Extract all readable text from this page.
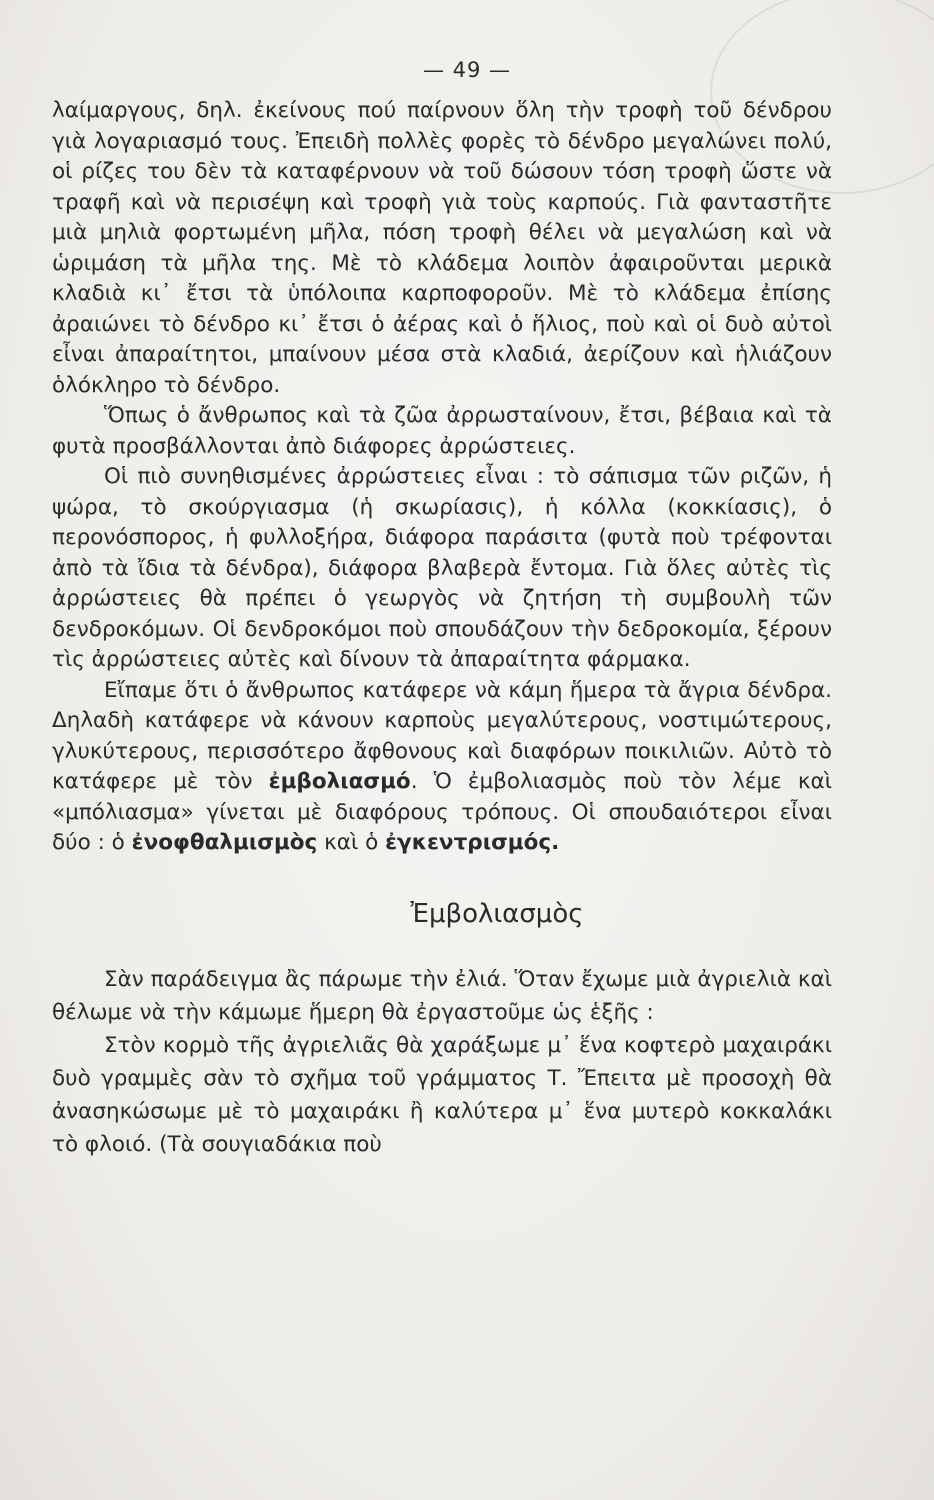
— 49 —

λαίμαργους, δηλ. ἐκείνους πού παίρνουν ὅλη τὴν τροφὴ τοῦ δένδρου γιὰ λογαριασμό τους. Ἐπειδὴ πολλὲς φορὲς τὸ δένδρο μεγαλώνει πολύ, οἱ ρίζες του δὲν τὰ καταφέρνουν νὰ τοῦ δώσουν τόση τροφὴ ὥστε νὰ τραφῆ καὶ νὰ περισέψη καὶ τροφὴ γιὰ τοὺς καρπούς. Γιὰ φανταστῆτε μιὰ μηλιὰ φορτωμένη μῆλα, πόση τροφὴ θέλει νὰ μεγαλώση καὶ νὰ ὡριμάση τὰ μῆλα της. Μὲ τὸ κλάδεμα λοιπὸν ἀφαιροῦνται μερικὰ κλαδιὰ κι᾿ ἔτσι τὰ ὑπόλοιπα καρποφοροῦν. Μὲ τὸ κλάδεμα ἐπίσης ἀραιώνει τὸ δένδρο κι᾿ ἔτσι ὁ ἀέρας καὶ ὁ ἥλιος, ποὺ καὶ οἱ δυὸ αὐτοὶ εἶναι ἀπαραίτητοι, μπαίνουν μέσα στὰ κλαδιά, ἀερίζουν καὶ ἡλιάζουν ὁλόκληρο τὸ δένδρο.

Ὅπως ὁ ἄνθρωπος καὶ τὰ ζῶα ἀρρωσταίνουν, ἔτσι, βέβαια καὶ τὰ φυτὰ προσβάλλονται ἀπὸ διάφορες ἀρρώστειες.

Οἱ πιὸ συνηθισμένες ἀρρώστειες εἶναι : τὸ σάπισμα τῶν ριζῶν, ἡ ψώρα, τὸ σκούργιασμα (ἡ σκωρίασις), ἡ κόλλα (κοκκίασις), ὁ περονόσπορος, ἡ φυλλοξήρα, διάφορα παράσιτα (φυτὰ ποὺ τρέφονται ἀπὸ τὰ ἴδια τὰ δένδρα), διάφορα βλαβερὰ ἔντομα. Γιὰ ὅλες αὐτὲς τὶς ἀρρώστειες θὰ πρέπει ὁ γεωργὸς νὰ ζητήση τὴ συμβουλὴ τῶν δενδροκόμων. Οἱ δενδροκόμοι ποὺ σπουδάζουν τὴν δεδροκομία, ξέρουν τὶς ἀρρώστειες αὐτὲς καὶ δίνουν τὰ ἀπαραίτητα φάρμακα.

Εἴπαμε ὅτι ὁ ἄνθρωπος κατάφερε νὰ κάμη ἥμερα τὰ ἄγρια δένδρα. Δηλαδὴ κατάφερε νὰ κάνουν καρποὺς μεγαλύτερους, νοστιμώτερους, γλυκύτερους, περισσότερο ἄφθονους καὶ διαφόρων ποικιλιῶν. Αὐτὸ τὸ κατάφερε μὲ τὸν ἐμβολιασμό. Ὁ ἐμβολιασμὸς ποὺ τὸν λέμε καὶ «μπόλιασμα» γίνεται μὲ διαφόρους τρόπους. Οἱ σπουδαιότεροι εἶναι δύο : ὁ ἐνοφθαλμισμὸς καὶ ὁ ἐγκεντρισμός.

Ἐμβολιασμὸς

Σὰν παράδειγμα ἂς πάρωμε τὴν ἐλιά. Ὅταν ἔχωμε μιὰ ἀγριελιὰ καὶ θέλωμε νὰ τὴν κάμωμε ἥμερη θὰ ἐργαστοῦμε ὡς ἑξῆς :

Στὸν κορμὸ τῆς ἀγριελιᾶς θὰ χαράξωμε μ᾿ ἕνα κοφτερὸ μαχαιράκι δυὸ γραμμὲς σὰν τὸ σχῆμα τοῦ γράμματος Τ. Ἔπειτα μὲ προσοχὴ θὰ ἀνασηκώσωμε μὲ τὸ μαχαιράκι ἢ καλύτερα μ᾿ ἕνα μυτερὸ κοκκαλάκι τὸ φλοιό. (Τὰ σουγιαδάκια ποὺ
